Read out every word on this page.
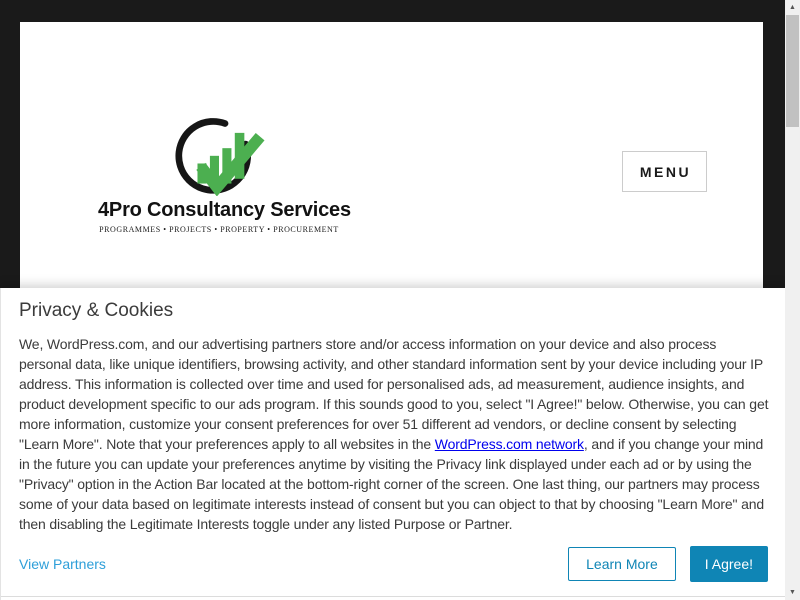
4Pro Consultancy Services
PROGRAMMES • PROJECTS • PROPERTY • PROCUREMENT
MENU
Privacy & Cookies
We, WordPress.com, and our advertising partners store and/or access information on your device and also process personal data, like unique identifiers, browsing activity, and other standard information sent by your device including your IP address. This information is collected over time and used for personalised ads, ad measurement, audience insights, and product development specific to our ads program. If this sounds good to you, select "I Agree!" below. Otherwise, you can get more information, customize your consent preferences for over 51 different ad vendors, or decline consent by selecting "Learn More". Note that your preferences apply to all websites in the WordPress.com network, and if you change your mind in the future you can update your preferences anytime by visiting the Privacy link displayed under each ad or by using the "Privacy" option in the Action Bar located at the bottom-right corner of the screen. One last thing, our partners may process some of your data based on legitimate interests instead of consent but you can object to that by choosing "Learn More" and then disabling the Legitimate Interests toggle under any listed Purpose or Partner.
View Partners	Learn More	I Agree!
▲
▼
